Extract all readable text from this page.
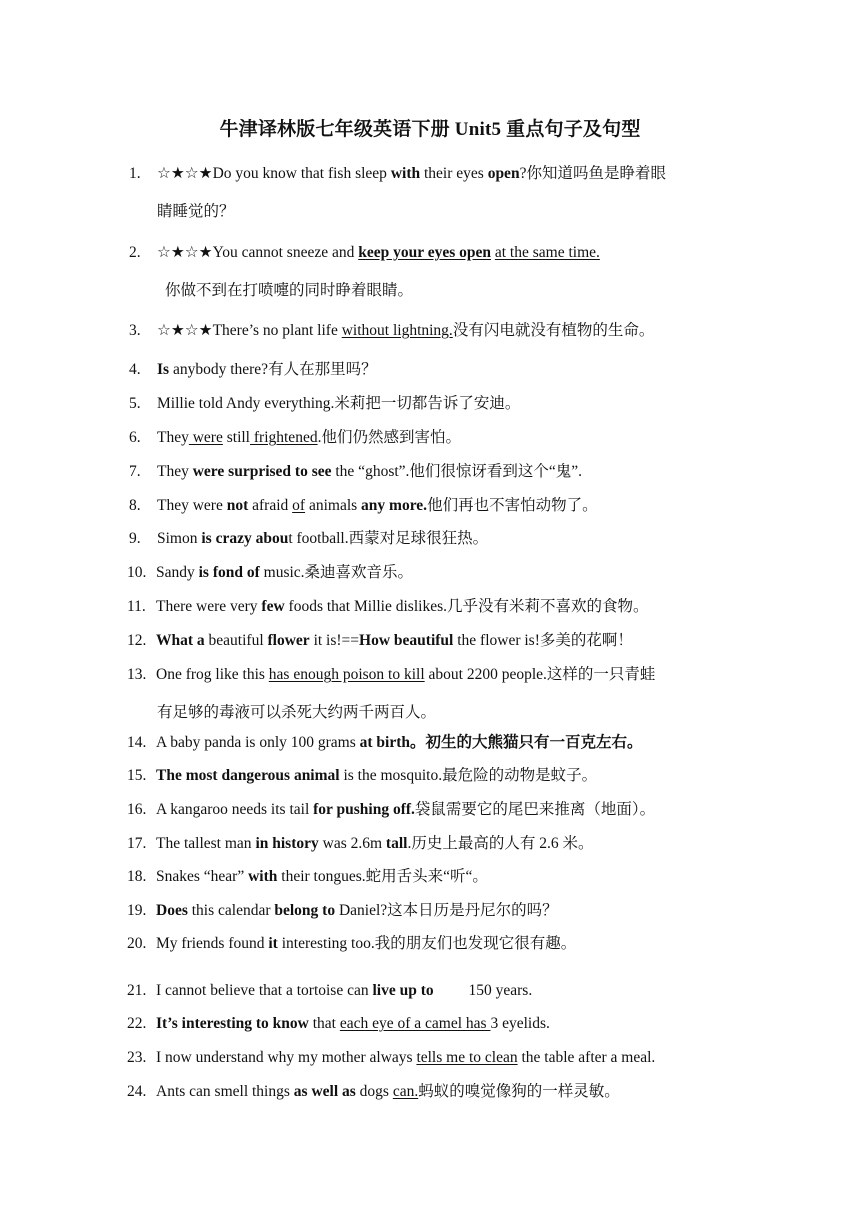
牛津译林版七年级英语下册 Unit5 重点句子及句型
1. ☆★☆★Do you know that fish sleep with their eyes open?你知道吗鱼是睁着眼
睛睡觉的？
2. ☆★☆★You cannot sneeze and keep your eyes open at the same time.
你做不到在打喷嚏的同时睁着眼睛。
3. ☆★☆★There’s no plant life without lightning.没有闪电就没有植物的生命。
4. Is anybody there?有人在那里吗？
5. Millie told Andy everything.米莉把一切都告诉了安迪。
6. They were still frightened.他们仍然感到害怕。
7. They were surprised to see the “ghost”.他们很惊讶看到这个“鬼”.
8. They were not afraid of animals any more.他们再也不害怕动物了。
9. Simon is crazy about football.西蒙对足球很狂热。
10. Sandy is fond of music.桑迪喜欢音乐。
11. There were very few foods that Millie dislikes.几乎没有米莉不喜欢的食物。
12. What a beautiful flower it is!==How beautiful the flower is!多美的花啊！
13. One frog like this has enough poison to kill about 2200 people.这样的一只青蛙
有足够的毒液可以杀死大约两千两百人。
14. A baby panda is only 100 grams at birth。初生的大熊猫只有一百克左右。
15. The most dangerous animal is the mosquito.最危险的动物是蚊子。
16. A kangaroo needs its tail for pushing off.袋鼠需要它的尾巴来推离（地面）。
17. The tallest man in history was 2.6m tall.历史上最高的人有 2.6 米。
18. Snakes “hear” with their tongues.蛇用舌头来“听“。
19. Does this calendar belong to Daniel?这本日历是丹尼尔的吗？
20. My friends found it interesting too.我的朋友们也发现它很有趣。
21. I cannot believe that a tortoise can live up to         150 years.
22. It’s interesting to know that each eye of a camel has 3 eyelids.
23. I now understand why my mother always tells me to clean the table after a meal.
24. Ants can smell things as well as dogs can.蚂蚁的嗅觉像狗的一样灵敏。
